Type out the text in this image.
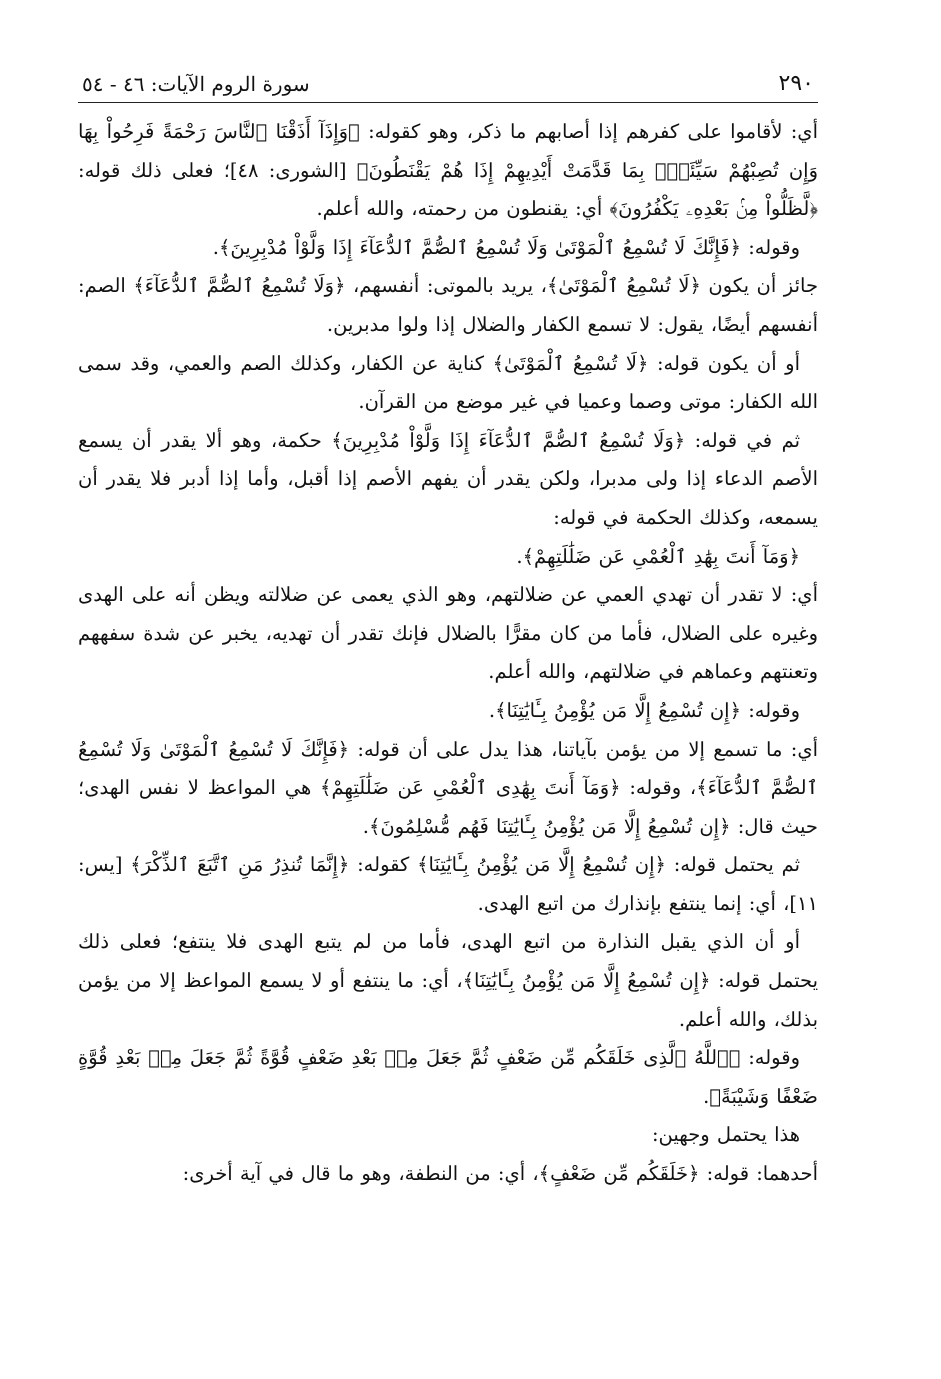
٢٩٠
سورة الروم الآيات: ٤٦ - ٥٤

أي: لأقاموا على كفرهم إذا أصابهم ما ذكر، وهو كقوله: ﴿وَإِذَآ أَذَقْنَا ٱلنَّاسَ رَحْمَةً فَرِحُواْ بِهَا وَإِن تُصِبْهُمْ سَيِّئَةٌۢ بِمَا قَدَّمَتْ أَيْدِيهِمْ إِذَا هُمْ يَقْنَطُونَ﴾ [الشورى: ٤٨]؛ فعلى ذلك قوله: ﴿لَّظَلُّواْ مِنۢ بَعْدِهِۦ يَكْفُرُونَ﴾ أي: يقنطون من رحمته، والله أعلم.

وقوله: ﴿فَإِنَّكَ لَا تُسْمِعُ ٱلْمَوْتَىٰ وَلَا تُسْمِعُ ٱلصُّمَّ ٱلدُّعَآءَ إِذَا وَلَّوْاْ مُدْبِرِينَ﴾.

جائز أن يكون ﴿لَا تُسْمِعُ ٱلْمَوْتَىٰ﴾، يريد بالموتى: أنفسهم، ﴿وَلَا تُسْمِعُ ٱلصُّمَّ ٱلدُّعَآءَ﴾ الصم: أنفسهم أيضًا، يقول: لا تسمع الكفار والضلال إذا ولوا مدبرين.

أو أن يكون قوله: ﴿لَا تُسْمِعُ ٱلْمَوْتَىٰ﴾ كناية عن الكفار، وكذلك الصم والعمي، وقد سمى الله الكفار: موتى وصما وعميا في غير موضع من القرآن.

ثم في قوله: ﴿وَلَا تُسْمِعُ ٱلصُّمَّ ٱلدُّعَآءَ إِذَا وَلَّوْاْ مُدْبِرِينَ﴾ حكمة، وهو ألا يقدر أن يسمع الأصم الدعاء إذا ولى مدبرا، ولكن يقدر أن يفهم الأصم إذا أقبل، وأما إذا أدبر فلا يقدر أن يسمعه، وكذلك الحكمة في قوله:

﴿وَمَآ أَنتَ بِهَٰدِ ٱلْعُمْىِ عَن ضَلَٰلَتِهِمْ﴾.

أي: لا تقدر أن تهدي العمي عن ضلالتهم، وهو الذي يعمى عن ضلالته ويظن أنه على الهدى وغيره على الضلال، فأما من كان مقرًّا بالضلال فإنك تقدر أن تهديه، يخبر عن شدة سفههم وتعنتهم وعماهم في ضلالتهم، والله أعلم.

وقوله: ﴿إِن تُسْمِعُ إِلَّا مَن يُؤْمِنُ بِـَٔايَٰتِنَا﴾.

أي: ما تسمع إلا من يؤمن بآياتنا، هذا يدل على أن قوله: ﴿فَإِنَّكَ لَا تُسْمِعُ ٱلْمَوْتَىٰ وَلَا تُسْمِعُ ٱلصُّمَّ ٱلدُّعَآءَ﴾، وقوله: ﴿وَمَآ أَنتَ بِهَٰدِى ٱلْعُمْىِ عَن ضَلَٰلَتِهِمْ﴾ هي المواعظ لا نفس الهدى؛ حيث قال: ﴿إِن تُسْمِعُ إِلَّا مَن يُؤْمِنُ بِـَٔايَٰتِنَا فَهُم مُّسْلِمُونَ﴾.

ثم يحتمل قوله: ﴿إِن تُسْمِعُ إِلَّا مَن يُؤْمِنُ بِـَٔايَٰتِنَا﴾ كقوله: ﴿إِنَّمَا تُنذِرُ مَنِ ٱتَّبَعَ ٱلذِّكْرَ﴾ [يس: ١١]، أي: إنما ينتفع بإنذارك من اتبع الهدى.

أو أن الذي يقبل النذارة من اتبع الهدى، فأما من لم يتبع الهدى فلا ينتفع؛ فعلى ذلك يحتمل قوله: ﴿إِن تُسْمِعُ إِلَّا مَن يُؤْمِنُ بِـَٔايَٰتِنَا﴾، أي: ما ينتفع أو لا يسمع المواعظ إلا من يؤمن بذلك، والله أعلم.

وقوله: ﴿ٱللَّهُ ٱلَّذِى خَلَقَكُم مِّن ضَعْفٍ ثُمَّ جَعَلَ مِنۢ بَعْدِ ضَعْفٍ قُوَّةً ثُمَّ جَعَلَ مِنۢ بَعْدِ قُوَّةٍ ضَعْفًا وَشَيْبَةً﴾.

هذا يحتمل وجهين:

أحدهما: قوله: ﴿خَلَقَكُم مِّن ضَعْفٍ﴾، أي: من النطفة، وهو ما قال في آية أخرى:
